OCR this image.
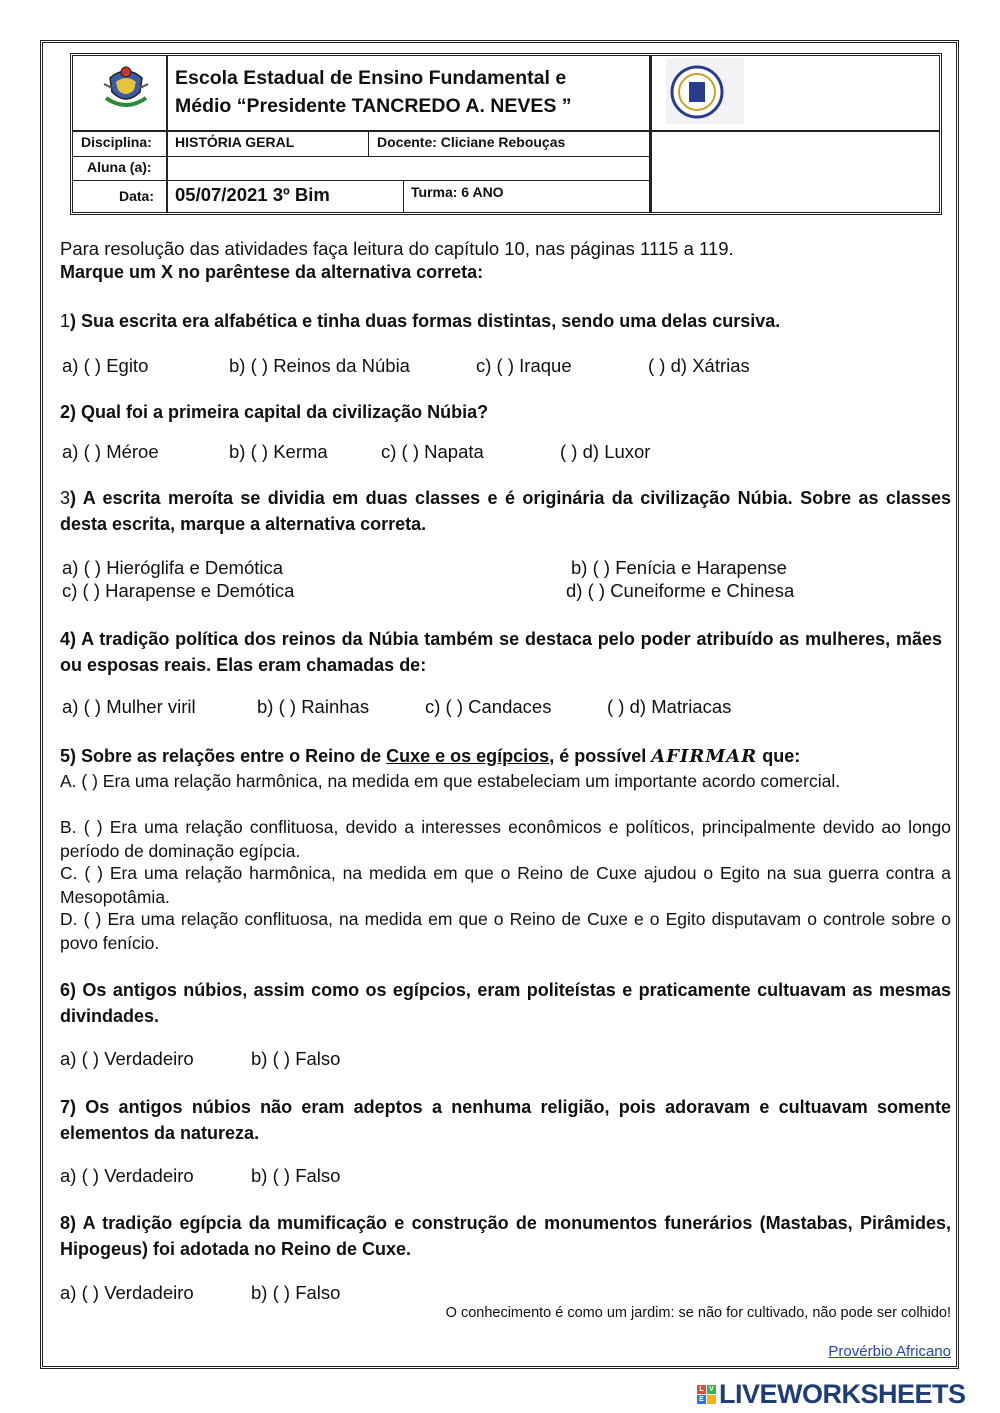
Escola Estadual de Ensino Fundamental e
Médio “Presidente TANCREDO A. NEVES ”
Disciplina: HISTÓRIA GERAL	Docente: Cliciane Rebouças
Aluna (a):
Data: 05/07/2021 3º Bim	Turma: 6 ANO
Para resolução das atividades faça leitura do capítulo 10, nas páginas 1115 a 119.
Marque um X no parêntese da alternativa correta:
1) Sua escrita era alfabética e tinha duas formas distintas, sendo uma delas cursiva.
a) ( ) Egito	b) ( ) Reinos da Núbia	c) ( ) Iraque	( ) d) Xátrias
2) Qual foi a primeira capital da civilização Núbia?
a) ( ) Méroe	b) ( ) Kerma	c) ( ) Napata	( ) d) Luxor
3) A escrita meroíta se dividia em duas classes e é originária da civilização Núbia. Sobre as classes desta escrita, marque a alternativa correta.
a) ( ) Hieróglifa e Demótica	b) ( ) Fenícia e Harapense
c) ( ) Harapense e Demótica	d) ( ) Cuneiforme e Chinesa
4) A tradição política dos reinos da Núbia também se destaca pelo poder atribuído as mulheres, mães ou esposas reais. Elas eram chamadas de:
a) ( ) Mulher viril	b) ( ) Rainhas	c) ( ) Candaces	( ) d) Matriacas
5) Sobre as relações entre o Reino de Cuxe e os egípcios, é possível AFIRMAR que:
A. ( ) Era uma relação harmônica, na medida em que estabeleciam um importante acordo comercial.
B. ( ) Era uma relação conflituosa, devido a interesses econômicos e políticos, principalmente devido ao longo período de dominação egípcia.
C. ( ) Era uma relação harmônica, na medida em que o Reino de Cuxe ajudou o Egito na sua guerra contra a Mesopotâmia.
D. ( ) Era uma relação conflituosa, na medida em que o Reino de Cuxe e o Egito disputavam o controle sobre o povo fenício.
6) Os antigos núbios, assim como os egípcios, eram politeístas e praticamente cultuavam as mesmas divindades.
a) ( ) Verdadeiro	b) ( ) Falso
7) Os antigos núbios não eram adeptos a nenhuma religião, pois adoravam e cultuavam somente elementos da natureza.
a) ( ) Verdadeiro	b) ( ) Falso
8) A tradição egípcia da mumificação e construção de monumentos funerários (Mastabas, Pirâmides, Hipogeus) foi adotada no Reino de Cuxe.
a) ( ) Verdadeiro	b) ( ) Falso
O conhecimento é como um jardim: se não for cultivado, não pode ser colhido!
Provérbio Africano
L V
E LIVEWORKSHEETS
